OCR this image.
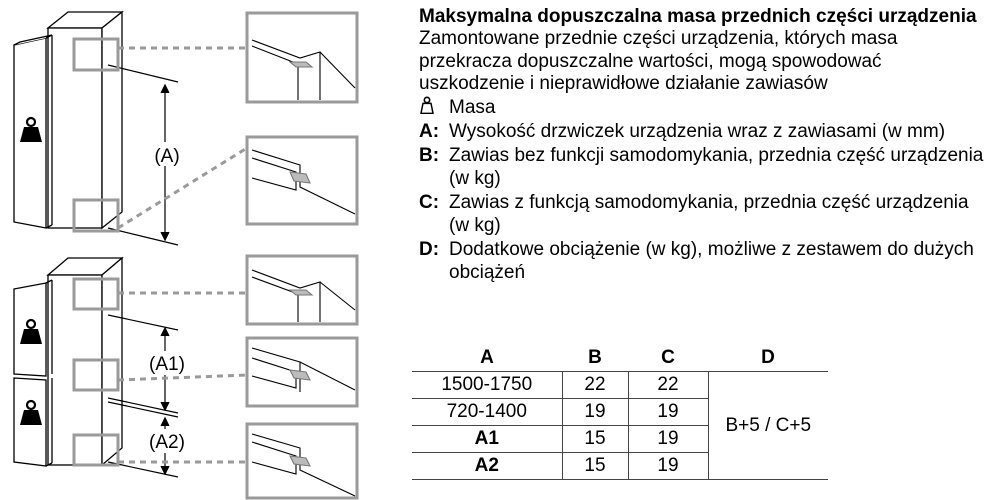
(A)
(A1)
(A2)
Maksymalna dopuszczalna masa przednich części urządzenia
Zamontowane przednie części urządzenia, których masa przekracza dopuszczalne wartości, mogą spowodować uszkodzenie i nieprawidłowe działanie zawiasów
Masa
A: Wysokość drzwiczek urządzenia wraz z zawiasami (w mm)
B: Zawias bez funkcji samodomykania, przednia część urządzenia (w kg)
C: Zawias z funkcją samodomykania, przednia część urządzenia (w kg)
D: Dodatkowe obciążenie (w kg), możliwe z zestawem do dużych obciążeń
A	B	C	D
1500-1750	22	22	B+5 / C+5
720-1400	19	19	
A1	15	19	
A2	15	19	
